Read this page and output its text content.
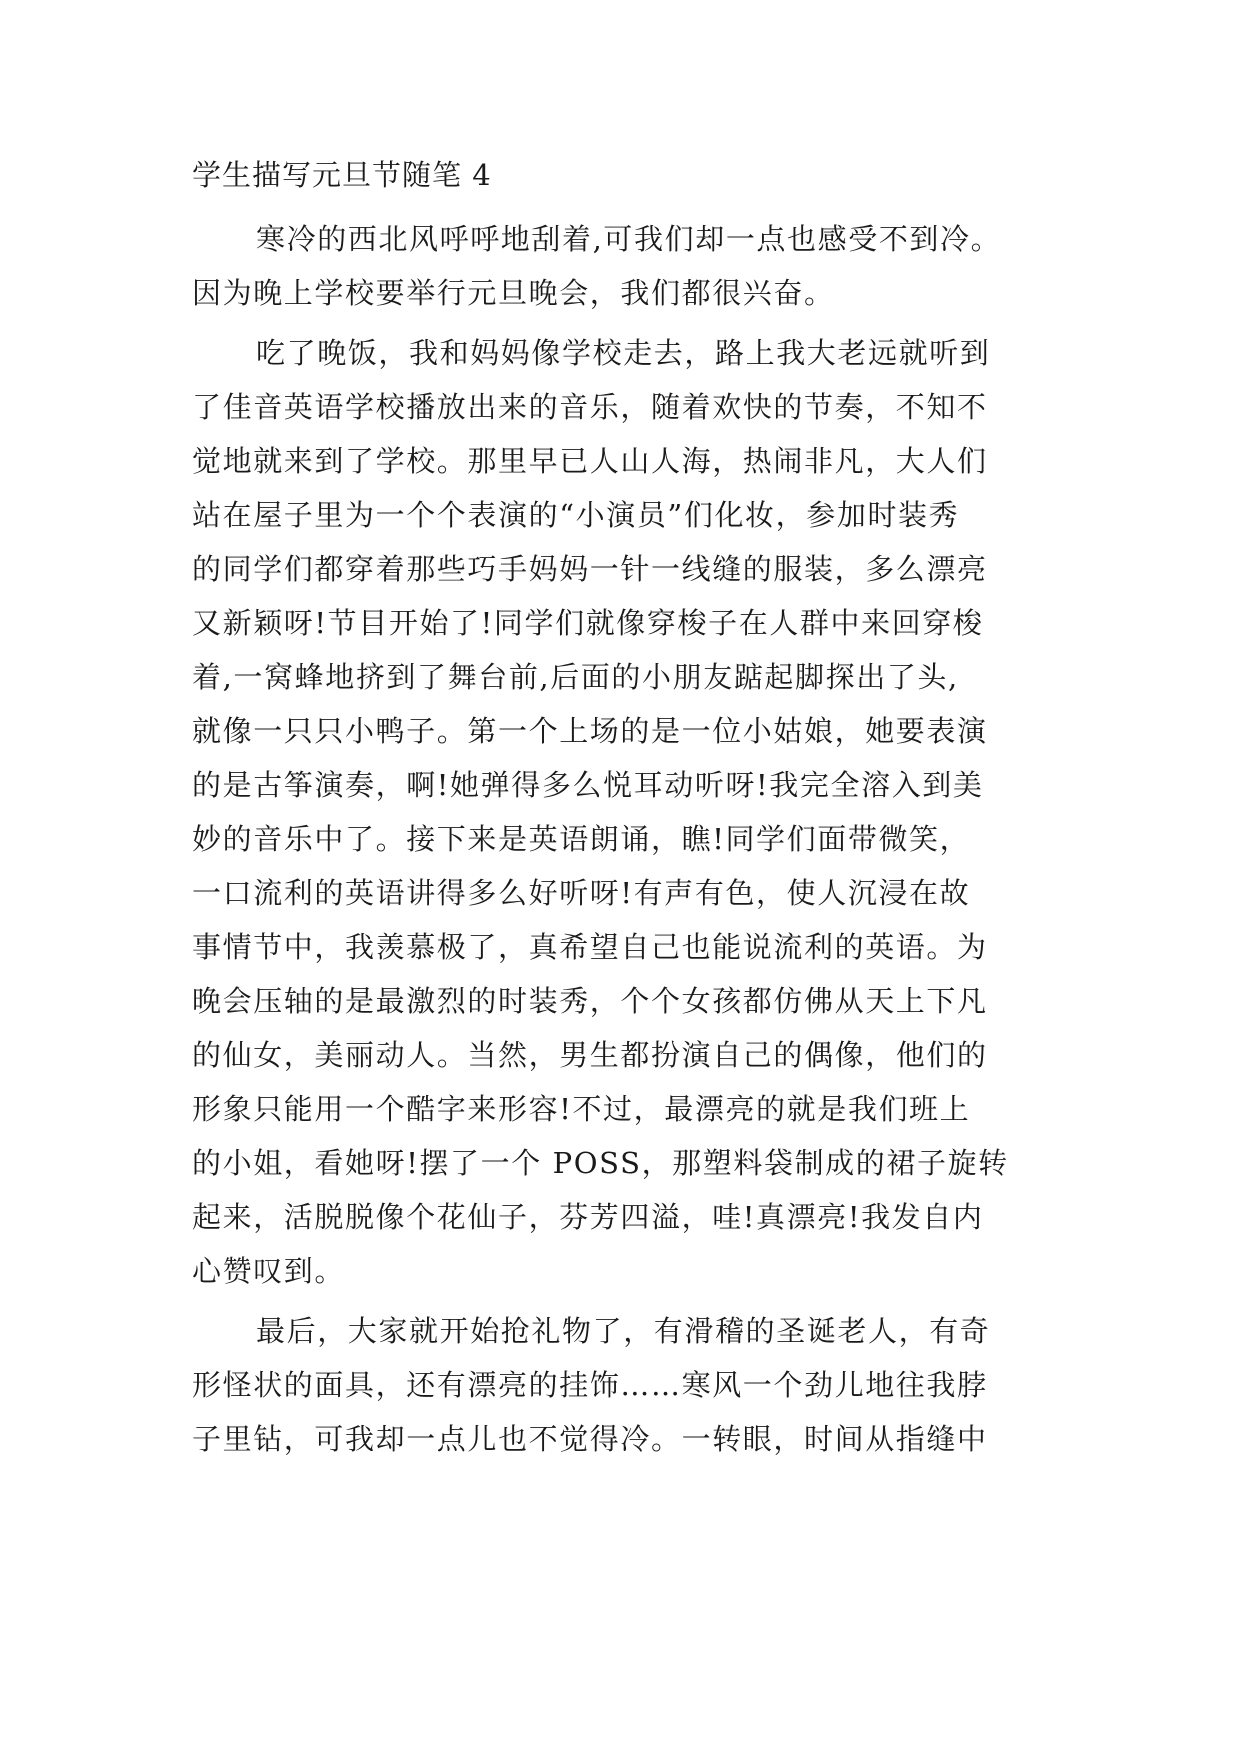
学生描写元旦节随笔 4
寒冷的西北风呼呼地刮着,可我们却一点也感受不到冷。
因为晚上学校要举行元旦晚会，我们都很兴奋。
吃了晚饭，我和妈妈像学校走去，路上我大老远就听到
了佳音英语学校播放出来的音乐，随着欢快的节奏，不知不
觉地就来到了学校。那里早已人山人海，热闹非凡，大人们
站在屋子里为一个个表演的“小演员”们化妆，参加时装秀
的同学们都穿着那些巧手妈妈一针一线缝的服装，多么漂亮
又新颖呀!节目开始了!同学们就像穿梭子在人群中来回穿梭
着,一窝蜂地挤到了舞台前,后面的小朋友踮起脚探出了头,
就像一只只小鸭子。第一个上场的是一位小姑娘，她要表演
的是古筝演奏，啊!她弹得多么悦耳动听呀!我完全溶入到美
妙的音乐中了。接下来是英语朗诵，瞧!同学们面带微笑，
一口流利的英语讲得多么好听呀!有声有色，使人沉浸在故
事情节中，我羡慕极了，真希望自己也能说流利的英语。为
晚会压轴的是最激烈的时装秀，个个女孩都仿佛从天上下凡
的仙女，美丽动人。当然，男生都扮演自己的偶像，他们的
形象只能用一个酷字来形容!不过，最漂亮的就是我们班上
的小姐，看她呀!摆了一个 POSS，那塑料袋制成的裙子旋转
起来，活脱脱像个花仙子，芬芳四溢，哇!真漂亮!我发自内
心赞叹到。
最后，大家就开始抢礼物了，有滑稽的圣诞老人，有奇
形怪状的面具，还有漂亮的挂饰……寒风一个劲儿地往我脖
子里钻，可我却一点儿也不觉得冷。一转眼，时间从指缝中
